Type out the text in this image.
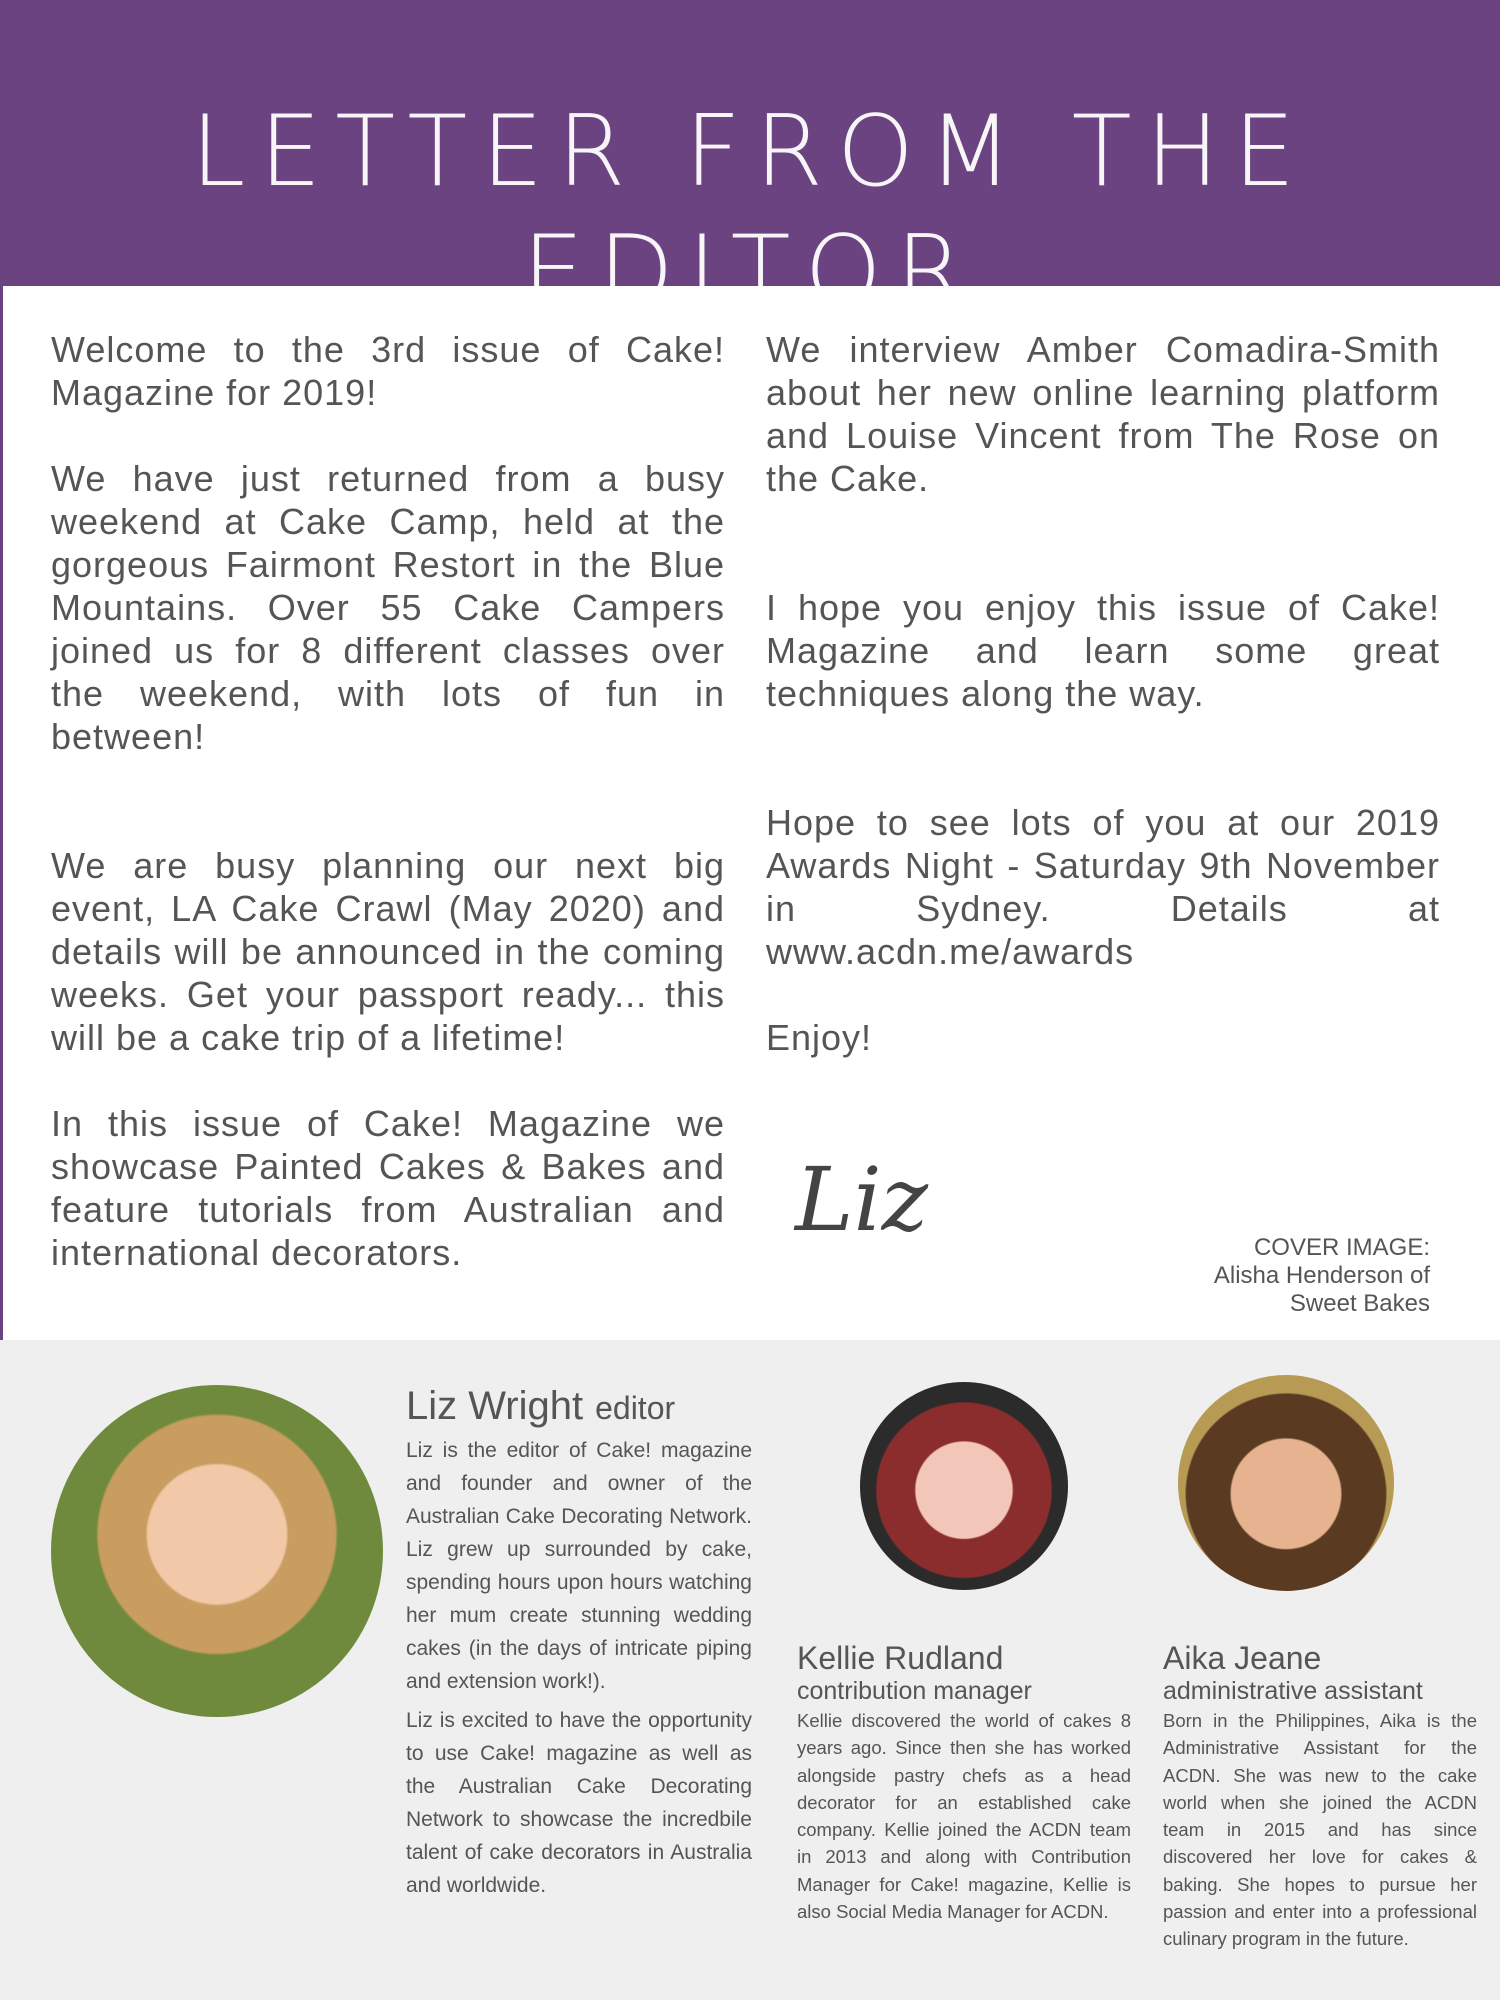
LETTER FROM THE EDITOR

Welcome to the 3rd issue of Cake! Magazine for 2019!

We have just returned from a busy weekend at Cake Camp, held at the gorgeous Fairmont Restort in the Blue Mountains. Over 55 Cake Campers joined us for 8 different classes over the weekend, with lots of fun in between!

We are busy planning our next big event, LA Cake Crawl (May 2020) and details will be announced in the coming weeks. Get your passport ready... this will be a cake trip of a lifetime!

In this issue of Cake! Magazine we showcase Painted Cakes & Bakes and feature tutorials from Australian and international decorators.

We interview Amber Comadira-Smith about her new online learning platform and Louise Vincent from The Rose on the Cake.

I hope you enjoy this issue of Cake! Magazine and learn some great techniques along the way.

Hope to see lots of you at our 2019 Awards Night - Saturday 9th November in Sydney. Details at www.acdn.me/awards

Enjoy!

Liz	COVER IMAGE:
Alisha Henderson of
Sweet Bakes
Liz Wright editor

Liz is the editor of Cake! magazine and founder and owner of the Australian Cake Decorating Network. Liz grew up surrounded by cake, spending hours upon hours watching her mum create stunning wedding cakes (in the days of intricate piping and extension work!).

Liz is excited to have the opportunity to use Cake! magazine as well as the Australian Cake Decorating Network to showcase the incredbile talent of cake decorators in Australia and worldwide.

Kellie Rudland
contribution manager

Kellie discovered the world of cakes 8 years ago. Since then she has worked alongside pastry chefs as a head decorator for an established cake company. Kellie joined the ACDN team in 2013 and along with Contribution Manager for Cake! magazine, Kellie is also Social Media Manager for ACDN.

Aika Jeane
administrative assistant

Born in the Philippines, Aika is the Administrative Assistant for the ACDN. She was new to the cake world when she joined the ACDN team in 2015 and has since discovered her love for cakes & baking. She hopes to pursue her passion and enter into a professional culinary program in the future.
